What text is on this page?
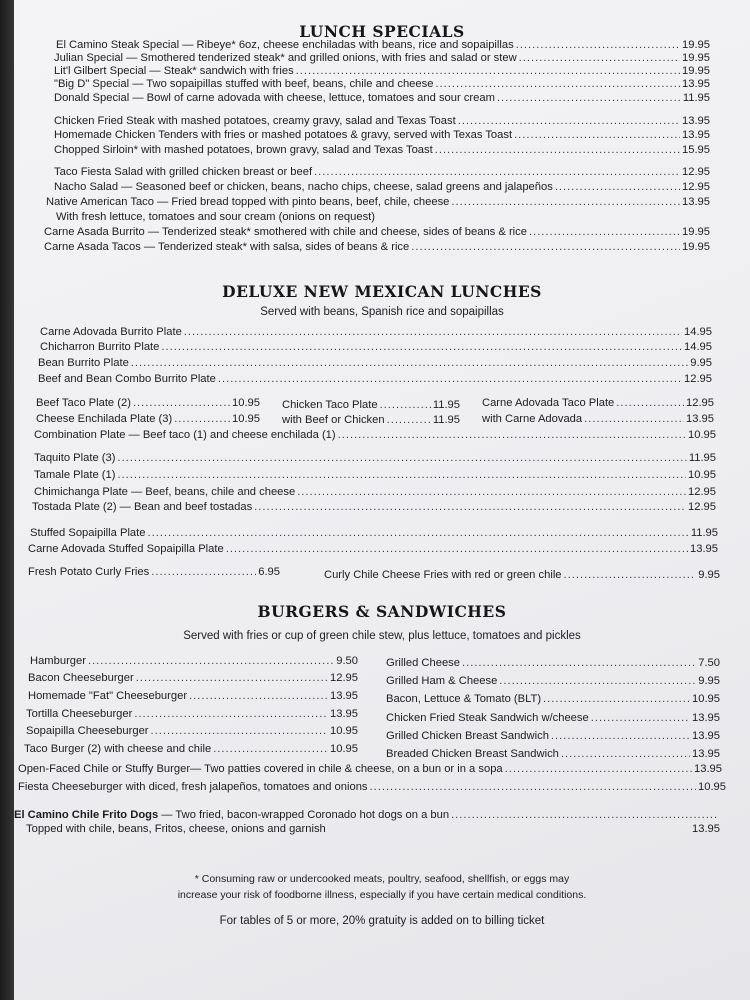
LUNCH SPECIALS
El Camino Steak Special — Ribeye* 6oz, cheese enchiladas with beans, rice and sopaipillas .....	19.95
Julian Special — Smothered tenderized steak* and grilled onions, with fries and salad or stew .....	19.95
Lit'l Gilbert Special — Steak* sandwich with fries .....	19.95
"Big D" Special — Two sopaipillas stuffed with beef, beans, chile and cheese .....	13.95
Donald Special — Bowl of carne adovada with cheese, lettuce, tomatoes and sour cream .....	11.95
Chicken Fried Steak with mashed potatoes, creamy gravy, salad and Texas Toast .....	13.95
Homemade Chicken Tenders with fries or mashed potatoes & gravy, served with Texas Toast .....	13.95
Chopped Sirloin* with mashed potatoes, brown gravy, salad and Texas Toast .....	15.95
Taco Fiesta Salad with grilled chicken breast or beef .....	12.95
Nacho Salad — Seasoned beef or chicken, beans, nacho chips, cheese, salad greens and jalapeños .....	12.95
Native American Taco — Fried bread topped with pinto beans, beef, chile, cheese .....	13.95
With fresh lettuce, tomatoes and sour cream (onions on request)
Carne Asada Burrito — Tenderized steak* smothered with chile and cheese, sides of beans & rice .....	19.95
Carne Asada Tacos — Tenderized steak* with salsa, sides of beans & rice .....	19.95
DELUXE NEW MEXICAN LUNCHES
Served with beans, Spanish rice and sopaipillas
Carne Adovada Burrito Plate .....	14.95
Chicharron Burrito Plate .....	14.95
Bean Burrito Plate .....	9.95
Beef and Bean Combo Burrito Plate .....	12.95
Beef Taco Plate (2) .....	10.95
Cheese Enchilada Plate (3) .....	10.95
Chicken Taco Plate .....	11.95
with Beef or Chicken .....	11.95
Carne Adovada Taco Plate .....	12.95
with Carne Adovada .....	13.95
Combination Plate — Beef taco (1) and cheese enchilada (1) .....	10.95
Taquito Plate (3) .....	11.95
Tamale Plate (1) .....	10.95
Chimichanga Plate — Beef, beans, chile and cheese .....	12.95
Tostada Plate (2) — Bean and beef tostadas .....	12.95
Stuffed Sopaipilla Plate .....	11.95
Carne Adovada Stuffed Sopaipilla Plate .....	13.95
Fresh Potato Curly Fries .....	6.95	Curly Chile Cheese Fries with red or green chile .....	9.95
BURGERS & SANDWICHES
Served with fries or cup of green chile stew, plus lettuce, tomatoes and pickles
Hamburger .....	9.50
Bacon Cheeseburger .....	12.95
Homemade "Fat" Cheeseburger .....	13.95
Tortilla Cheeseburger .....	13.95
Sopaipilla Cheeseburger .....	10.95
Taco Burger (2) with cheese and chile .....	10.95
Grilled Cheese .....	7.50
Grilled Ham & Cheese .....	9.95
Bacon, Lettuce & Tomato (BLT) .....	10.95
Chicken Fried Steak Sandwich w/cheese .....	13.95
Grilled Chicken Breast Sandwich .....	13.95
Breaded Chicken Breast Sandwich .....	13.95
Open-Faced Chile or Stuffy Burger— Two patties covered in chile & cheese, on a bun or in a sopa .....	13.95
Fiesta Cheeseburger with diced, fresh jalapeños, tomatoes and onions .....	10.95
El Camino Chile Frito Dogs — Two fried, bacon-wrapped Coronado hot dogs on a bun
.....
Topped with chile, beans, Fritos, cheese, onions and garnish	13.95
* Consuming raw or undercooked meats, poultry, seafood, shellfish, or eggs may
increase your risk of foodborne illness, especially if you have certain medical conditions.
For tables of 5 or more, 20% gratuity is added on to billing ticket
